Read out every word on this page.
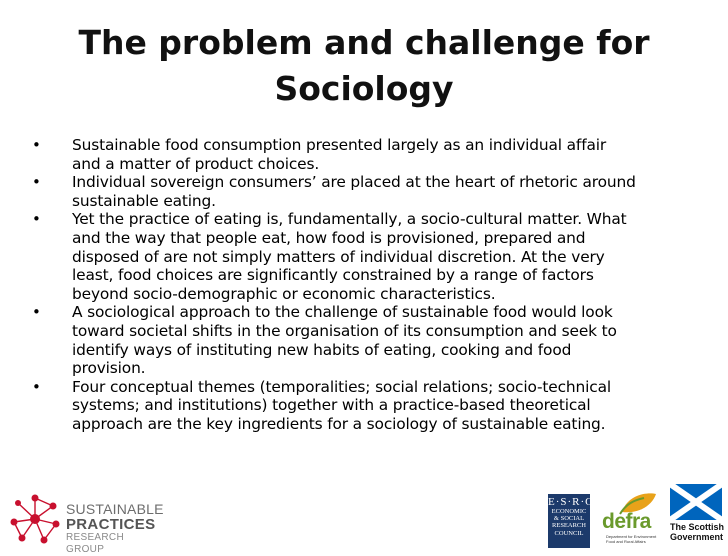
The problem and challenge for
Sociology
• Sustainable food consumption presented largely as an individual affair
and a matter of product choices.
• Individual sovereign consumers’ are placed at the heart of rhetoric around
sustainable eating.
• Yet the practice of eating is, fundamentally, a socio-cultural matter. What
and the way that people eat, how food is provisioned, prepared and
disposed of are not simply matters of individual discretion. At the very
least, food choices are significantly constrained by a range of factors
beyond socio-demographic or economic characteristics.
• A sociological approach to the challenge of sustainable food would look
toward societal shifts in the organisation of its consumption and seek to
identify ways of instituting new habits of eating, cooking and food
provision.
• Four conceptual themes (temporalities; social relations; socio-technical
systems; and institutions) together with a practice-based theoretical
approach are the key ingredients for a sociology of sustainable eating.
SUSTAINABLE
PRACTICES
RESEARCH GROUP
E·S·R·C
ECONOMIC
& SOCIAL
RESEARCH
COUNCIL
defra
Department for Environment Food and Rural Affairs
The Scottish
Government
